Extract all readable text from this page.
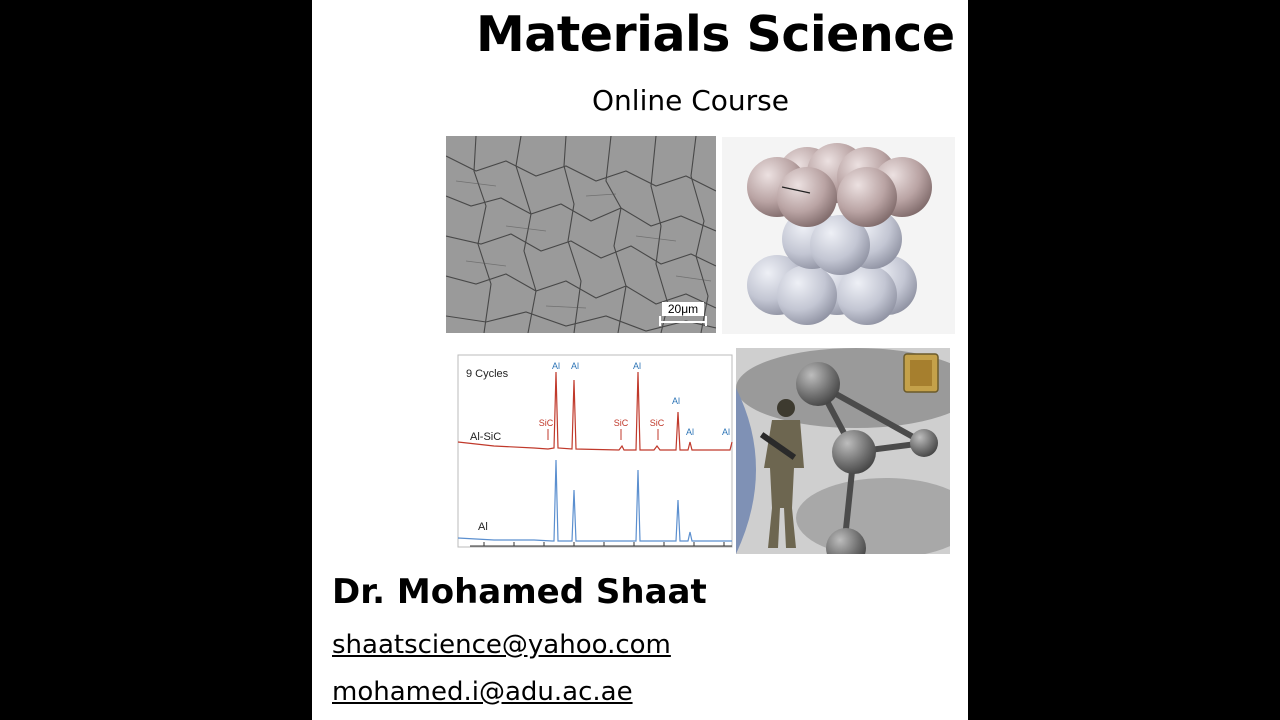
Materials Science
Online Course
20μm
9 Cycles
Al-SiC
Al
Al Al	Al
Al
Al	Al
SiC	SiC SiC
Dr. Mohamed Shaat
shaatscience@yahoo.com
mohamed.i@adu.ac.ae
